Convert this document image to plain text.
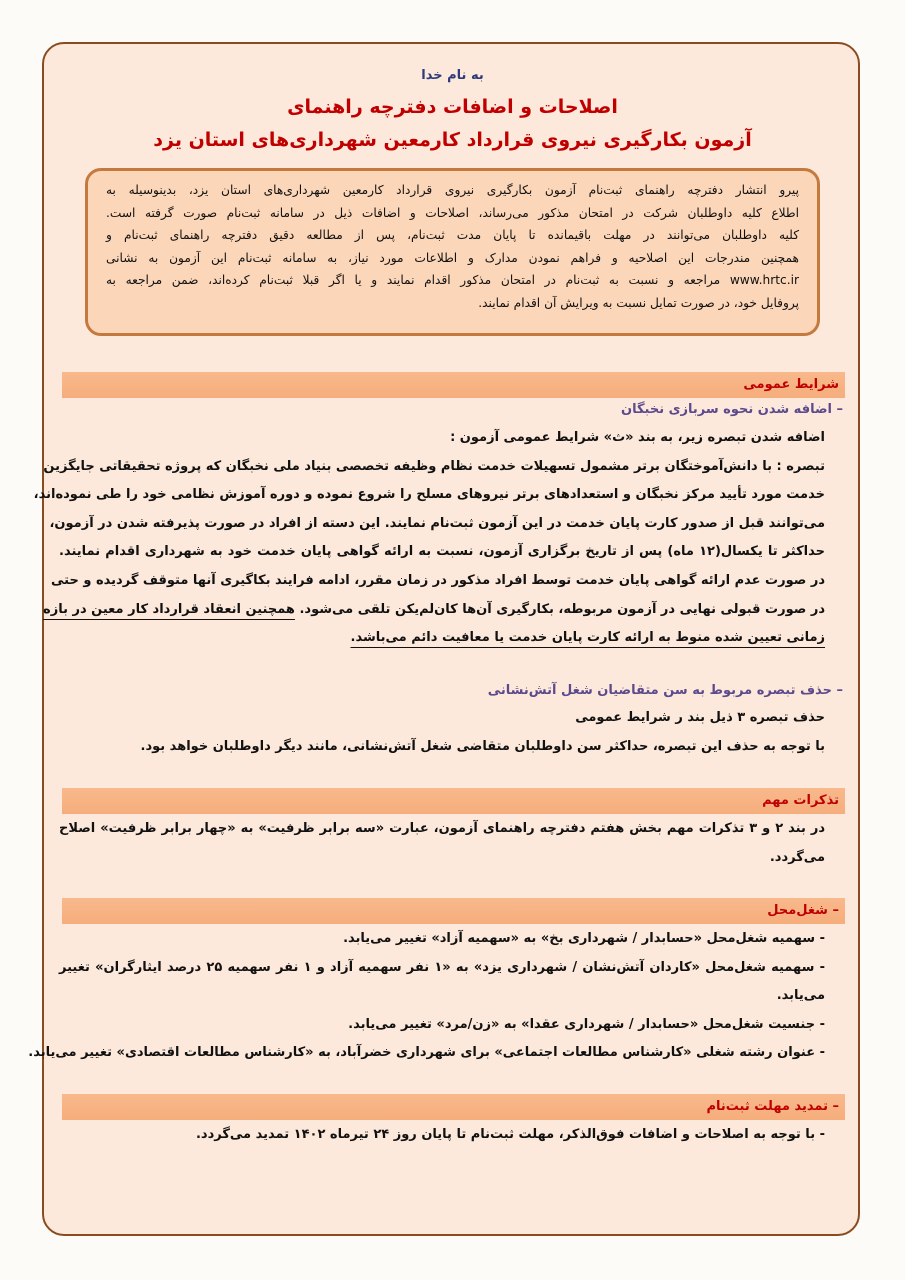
به نام خدا
اصلاحات و اضافات دفترچه راهنمای
آزمون بکارگیری نیروی قرارداد کارمعین شهرداری‌های استان یزد
پیرو انتشار دفترچه راهنمای ثبت‌نام آزمون بکارگیری نیروی قرارداد کارمعین شهرداری‌های استان یزد، بدینوسیله به
اطلاع کلیه داوطلبان شرکت در امتحان مذکور می‌رساند، اصلاحات و اضافات ذیل در سامانه ثبت‌نام صورت گرفته است.
کلیه داوطلبان می‌توانند در مهلت باقیمانده تا پایان مدت ثبت‌نام، پس از مطالعه دقیق دفترچه راهنمای ثبت‌نام و
همچنین مندرجات این اصلاحیه و فراهم نمودن مدارک و اطلاعات مورد نیاز، به سامانه ثبت‌نام این آزمون به نشانی
www.hrtc.ir مراجعه و نسبت به ثبت‌نام در امتحان مذکور اقدام نمایند و یا اگر قبلا ثبت‌نام کرده‌اند، ضمن مراجعه به
پروفایل خود، در صورت تمایل نسبت به ویرایش آن اقدام نمایند.
شرایط عمومی
– اضافه شدن نحوه سربازی نخبگان
اضافه شدن تبصره زیر، به بند «ث» شرایط عمومی آزمون :
تبصره : با دانش‌آموختگان برتر مشمول تسهیلات خدمت نظام وظیفه تخصصی بنیاد ملی نخبگان که پروژه تحقیقاتی جایگزین
خدمت مورد تأیید مرکز نخبگان و استعدادهای برتر نیروهای مسلح را شروع نموده و دوره آموزش نظامی خود را طی نموده‌اند،
می‌توانند قبل از صدور کارت پایان خدمت در این آزمون ثبت‌نام نمایند. این دسته از افراد در صورت پذیرفته شدن در آزمون،
حداکثر تا یکسال(۱۲ ماه) پس از تاریخ برگزاری آزمون، نسبت به ارائه گواهی پایان خدمت خود به شهرداری اقدام نمایند.
در صورت عدم ارائه گواهی پایان خدمت توسط افراد مذکور در زمان مقرر، ادامه فرایند بکاگیری آنها متوقف گردیده و حتی
در صورت قبولی نهایی در آزمون مربوطه، بکارگیری آن‌ها کان‌لم‌یکن تلقی می‌شود. همچنین انعقاد قرارداد کار معین در بازه
زمانی تعیین شده منوط به ارائه کارت پایان خدمت یا معافیت دائم می‌باشد.
– حذف تبصره مربوط به سن متقاضیان شغل آتش‌نشانی
حذف تبصره ۳ ذیل بند ر شرایط عمومی
با توجه به حذف این تبصره، حداکثر سن داوطلبان متقاضی شغل آتش‌نشانی، مانند دیگر داوطلبان خواهد بود.
تذکرات مهم
در بند ۲ و ۳ تذکرات مهم بخش هفتم دفترچه راهنمای آزمون، عبارت «سه برابر ظرفیت» به «چهار برابر ظرفیت» اصلاح
می‌گردد.
– شغل‌محل
- سهمیه شغل‌محل «حسابدار / شهرداری بخ» به «سهمیه آزاد» تغییر می‌یابد.
- سهمیه شغل‌محل «کاردان آتش‌نشان / شهرداری یزد» به «۱ نفر سهمیه آزاد و ۱ نفر سهمیه ۲۵ درصد ایثارگران» تغییر
می‌یابد.
- جنسیت شغل‌محل «حسابدار / شهرداری عقدا» به «زن/مرد» تغییر می‌یابد.
- عنوان رشته شغلی «کارشناس مطالعات اجتماعی» برای شهرداری خضرآباد، به «کارشناس مطالعات اقتصادی» تغییر می‌یابد.
– تمدید مهلت ثبت‌نام
- با توجه به اصلاحات و اضافات فوق‌الذکر، مهلت ثبت‌نام تا پایان روز ۲۴ تیرماه ۱۴۰۲ تمدید می‌گردد.
